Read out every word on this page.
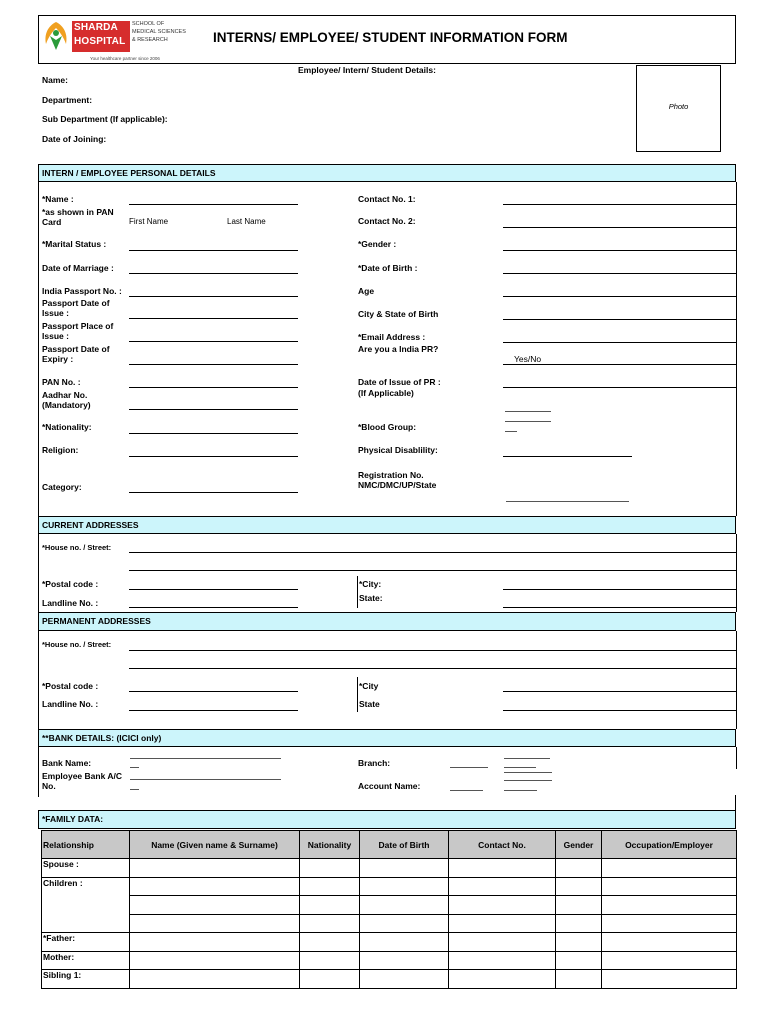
SHARDA
HOSPITAL
SCHOOL OF
MEDICAL SCIENCES
& RESEARCH
Your healthcare partner since 2006
INTERNS/ EMPLOYEE/ STUDENT INFORMATION FORM
Employee/ Intern/ Student Details:
Name:
Department:
Sub Department (If applicable):
Date of Joining:
Photo
INTERN / EMPLOYEE PERSONAL DETAILS
*Name :
*as shown in PAN Card	First Name	Last Name
*Marital Status :
Date of Marriage :
India Passport No. :
Passport Date of Issue :
Passport Place of Issue :
Passport Date of Expiry :
PAN No. :
Aadhar No. (Mandatory)
*Nationality:
Religion:
Category:
Contact No. 1:
Contact No. 2:
*Gender :
*Date of Birth :
Age
City & State of Birth
*Email Address :
Are you a India PR?
Yes/No
Date of Issue of PR :
(If Applicable)
*Blood Group:
Physical Disablility:
Registration No.
NMC/DMC/UP/State
CURRENT ADDRESSES
*House no. / Street:
*Postal code :
Landline No. :
*City:
State:
PERMANENT ADDRESSES
*House no. / Street:
*Postal code :
Landline No. :
*City
State
**BANK DETAILS: (ICICI only)
Bank Name:
Employee Bank A/C No.
Branch:
Account Name:
*FAMILY DATA:
Relationship	Name (Given name & Surname)	Nationality	Date of Birth	Contact No.	Gender	Occupation/Employer
Spouse :						
Children :						

*Father:						
Mother:						
Sibling 1:						
